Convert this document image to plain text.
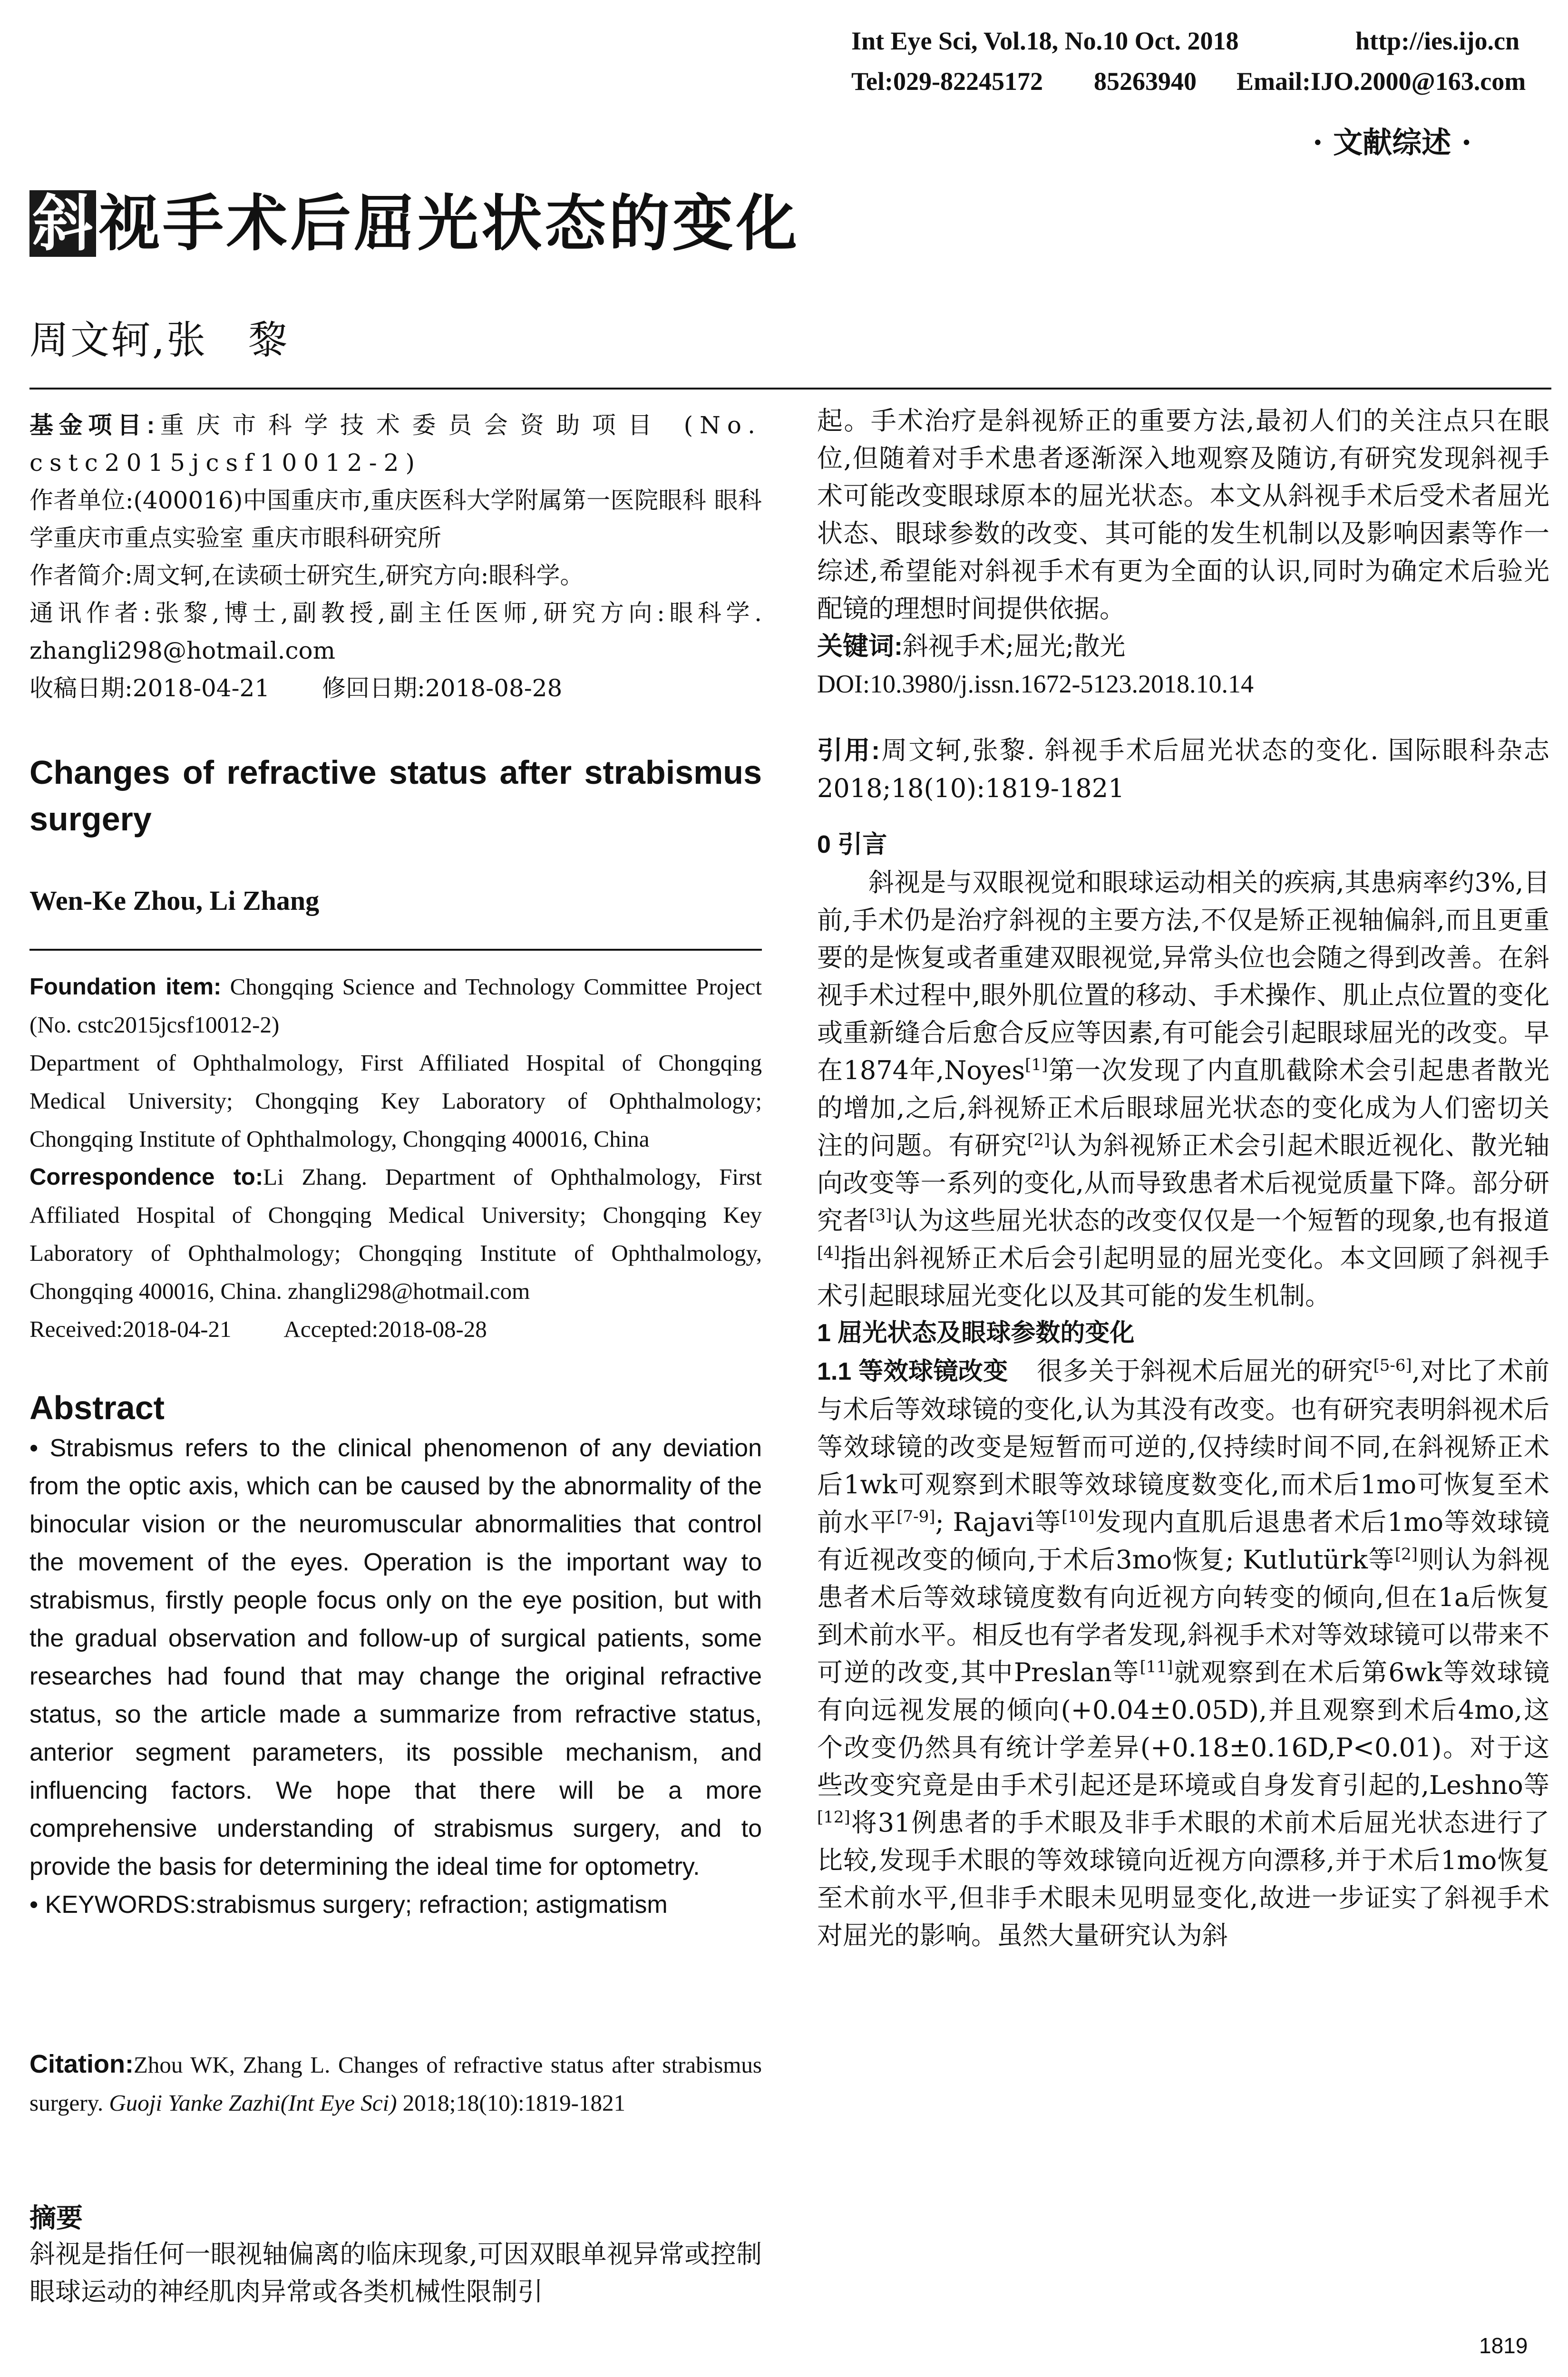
Int Eye Sci, Vol.18, No.10 Oct. 2018	http://ies.ijo.cn
Tel:029-82245172 85263940 Email:IJO.2000@163.com
· 文献综述 ·
斜 视手术后屈光状态的变化
周文轲,张　黎

基金项目:重庆市科学技术委员会资助项目 (No. cstc2015jcsf10012-2)

作者单位:(400016)中国重庆市,重庆医科大学附属第一医院眼科 眼科学重庆市重点实验室 重庆市眼科研究所

作者简介:周文轲,在读硕士研究生,研究方向:眼科学。

通讯作者:张黎,博士,副教授,副主任医师,研究方向:眼科学. zhangli298@hotmail.com

收稿日期:2018-04-21 修回日期:2018-08-28

Changes of refractive status after strabismus surgery
Wen-Ke Zhou, Li Zhang

Foundation item: Chongqing Science and Technology Committee Project (No. cstc2015jcsf10012-2)

Department of Ophthalmology, First Affiliated Hospital of Chongqing Medical University; Chongqing Key Laboratory of Ophthalmology; Chongqing Institute of Ophthalmology, Chongqing 400016, China

Correspondence to:Li Zhang. Department of Ophthalmology, First Affiliated Hospital of Chongqing Medical University; Chongqing Key Laboratory of Ophthalmology; Chongqing Institute of Ophthalmology, Chongqing 400016, China. zhangli298@hotmail.com

Received:2018-04-21 Accepted:2018-08-28

Abstract

• Strabismus refers to the clinical phenomenon of any deviation from the optic axis, which can be caused by the abnormality of the binocular vision or the neuromuscular abnormalities that control the movement of the eyes. Operation is the important way to strabismus, firstly people focus only on the eye position, but with the gradual observation and follow-up of surgical patients, some researches had found that may change the original refractive status, so the article made a summarize from refractive status, anterior segment parameters, its possible mechanism, and influencing factors. We hope that there will be a more comprehensive understanding of strabismus surgery, and to provide the basis for determining the ideal time for optometry.

• KEYWORDS:strabismus surgery; refraction; astigmatism

Citation:Zhou WK, Zhang L. Changes of refractive status after strabismus surgery. Guoji Yanke Zazhi(Int Eye Sci) 2018;18(10):1819-1821

摘要

斜视是指任何一眼视轴偏离的临床现象,可因双眼单视异常或控制眼球运动的神经肌肉异常或各类机械性限制引

起。手术治疗是斜视矫正的重要方法,最初人们的关注点只在眼位,但随着对手术患者逐渐深入地观察及随访,有研究发现斜视手术可能改变眼球原本的屈光状态。本文从斜视手术后受术者屈光状态、眼球参数的改变、其可能的发生机制以及影响因素等作一综述,希望能对斜视手术有更为全面的认识,同时为确定术后验光配镜的理想时间提供依据。

关键词:斜视手术;屈光;散光

DOI:10.3980/j.issn.1672-5123.2018.10.14

引用:周文轲,张黎. 斜视手术后屈光状态的变化. 国际眼科杂志 2018;18(10):1819-1821

0 引言

斜视是与双眼视觉和眼球运动相关的疾病,其患病率约3%,目前,手术仍是治疗斜视的主要方法,不仅是矫正视轴偏斜,而且更重要的是恢复或者重建双眼视觉,异常头位也会随之得到改善。在斜视手术过程中,眼外肌位置的移动、手术操作、肌止点位置的变化或重新缝合后愈合反应等因素,有可能会引起眼球屈光的改变。早在1874年,Noyes[1]第一次发现了内直肌截除术会引起患者散光的增加,之后,斜视矫正术后眼球屈光状态的变化成为人们密切关注的问题。有研究[2]认为斜视矫正术会引起术眼近视化、散光轴向改变等一系列的变化,从而导致患者术后视觉质量下降。部分研究者[3]认为这些屈光状态的改变仅仅是一个短暂的现象,也有报道[4]指出斜视矫正术后会引起明显的屈光变化。本文回顾了斜视手术引起眼球屈光变化以及其可能的发生机制。

1 屈光状态及眼球参数的变化

1.1 等效球镜改变 很多关于斜视术后屈光的研究[5-6],对比了术前与术后等效球镜的变化,认为其没有改变。也有研究表明斜视术后等效球镜的改变是短暂而可逆的,仅持续时间不同,在斜视矫正术后1wk可观察到术眼等效球镜度数变化,而术后1mo可恢复至术前水平[7-9]; Rajavi等[10]发现内直肌后退患者术后1mo等效球镜有近视改变的倾向,于术后3mo恢复; Kutlutürk等[2]则认为斜视患者术后等效球镜度数有向近视方向转变的倾向,但在1a后恢复到术前水平。相反也有学者发现,斜视手术对等效球镜可以带来不可逆的改变,其中Preslan等[11]就观察到在术后第6wk等效球镜有向远视发展的倾向(+0.04±0.05D),并且观察到术后4mo,这个改变仍然具有统计学差异(+0.18±0.16D,P<0.01)。对于这些改变究竟是由手术引起还是环境或自身发育引起的,Leshno等[12]将31例患者的手术眼及非手术眼的术前术后屈光状态进行了比较,发现手术眼的等效球镜向近视方向漂移,并于术后1mo恢复至术前水平,但非手术眼未见明显变化,故进一步证实了斜视手术对屈光的影响。虽然大量研究认为斜

1819
